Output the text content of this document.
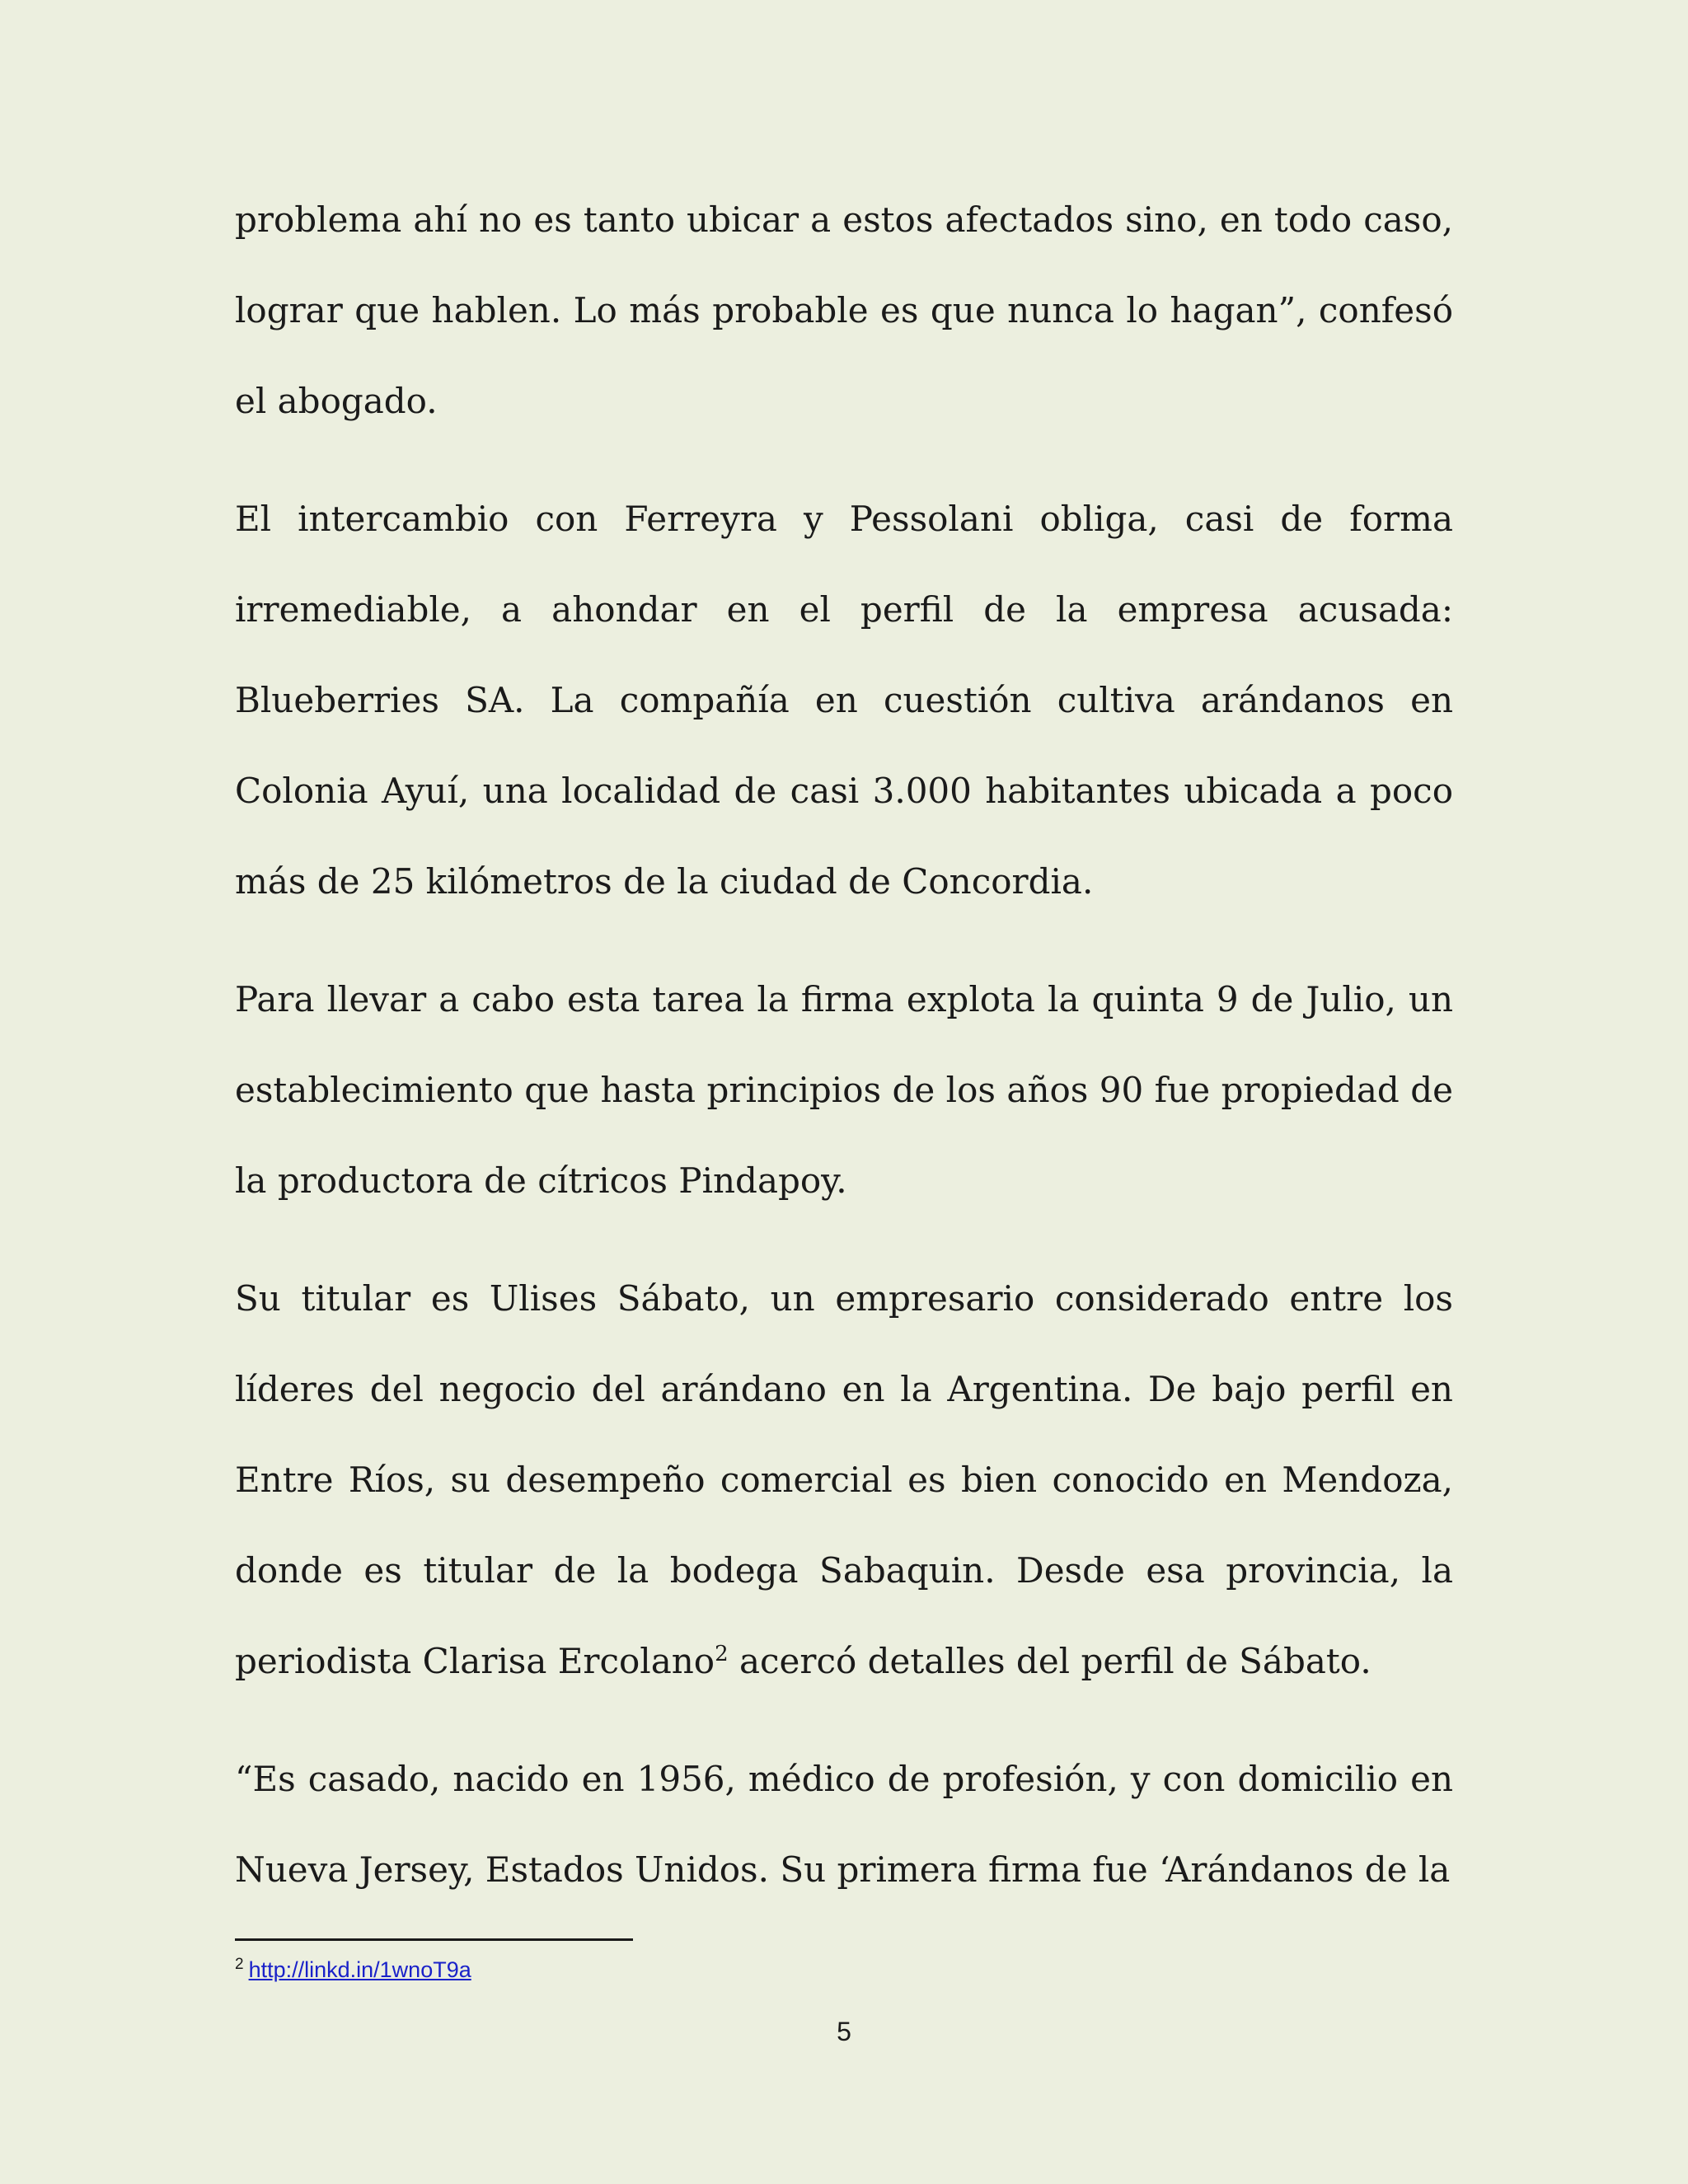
problema ahí no es tanto ubicar a estos afectados sino, en todo caso, lograr que hablen. Lo más probable es que nunca lo hagan”, confesó el abogado.

El intercambio con Ferreyra y Pessolani obliga, casi de forma irremediable, a ahondar en el perfil de la empresa acusada: Blueberries SA. La compañía en cuestión cultiva arándanos en Colonia Ayuí, una localidad de casi 3.000 habitantes ubicada a poco más de 25 kilómetros de la ciudad de Concordia.

Para llevar a cabo esta tarea la firma explota la quinta 9 de Julio, un establecimiento que hasta principios de los años 90 fue propiedad de la productora de cítricos Pindapoy.

Su titular es Ulises Sábato, un empresario considerado entre los líderes del negocio del arándano en la Argentina. De bajo perfil en Entre Ríos, su desempeño comercial es bien conocido en Mendoza, donde es titular de la bodega Sabaquin. Desde esa provincia, la periodista Clarisa Ercolano$^2$ acercó detalles del perfil de Sábato.

“Es casado, nacido en 1956, médico de profesión, y con domicilio en Nueva Jersey, Estados Unidos. Su primera firma fue ‘Arándanos de la

$^2$ http://linkd.in/1wnoT9a
5
